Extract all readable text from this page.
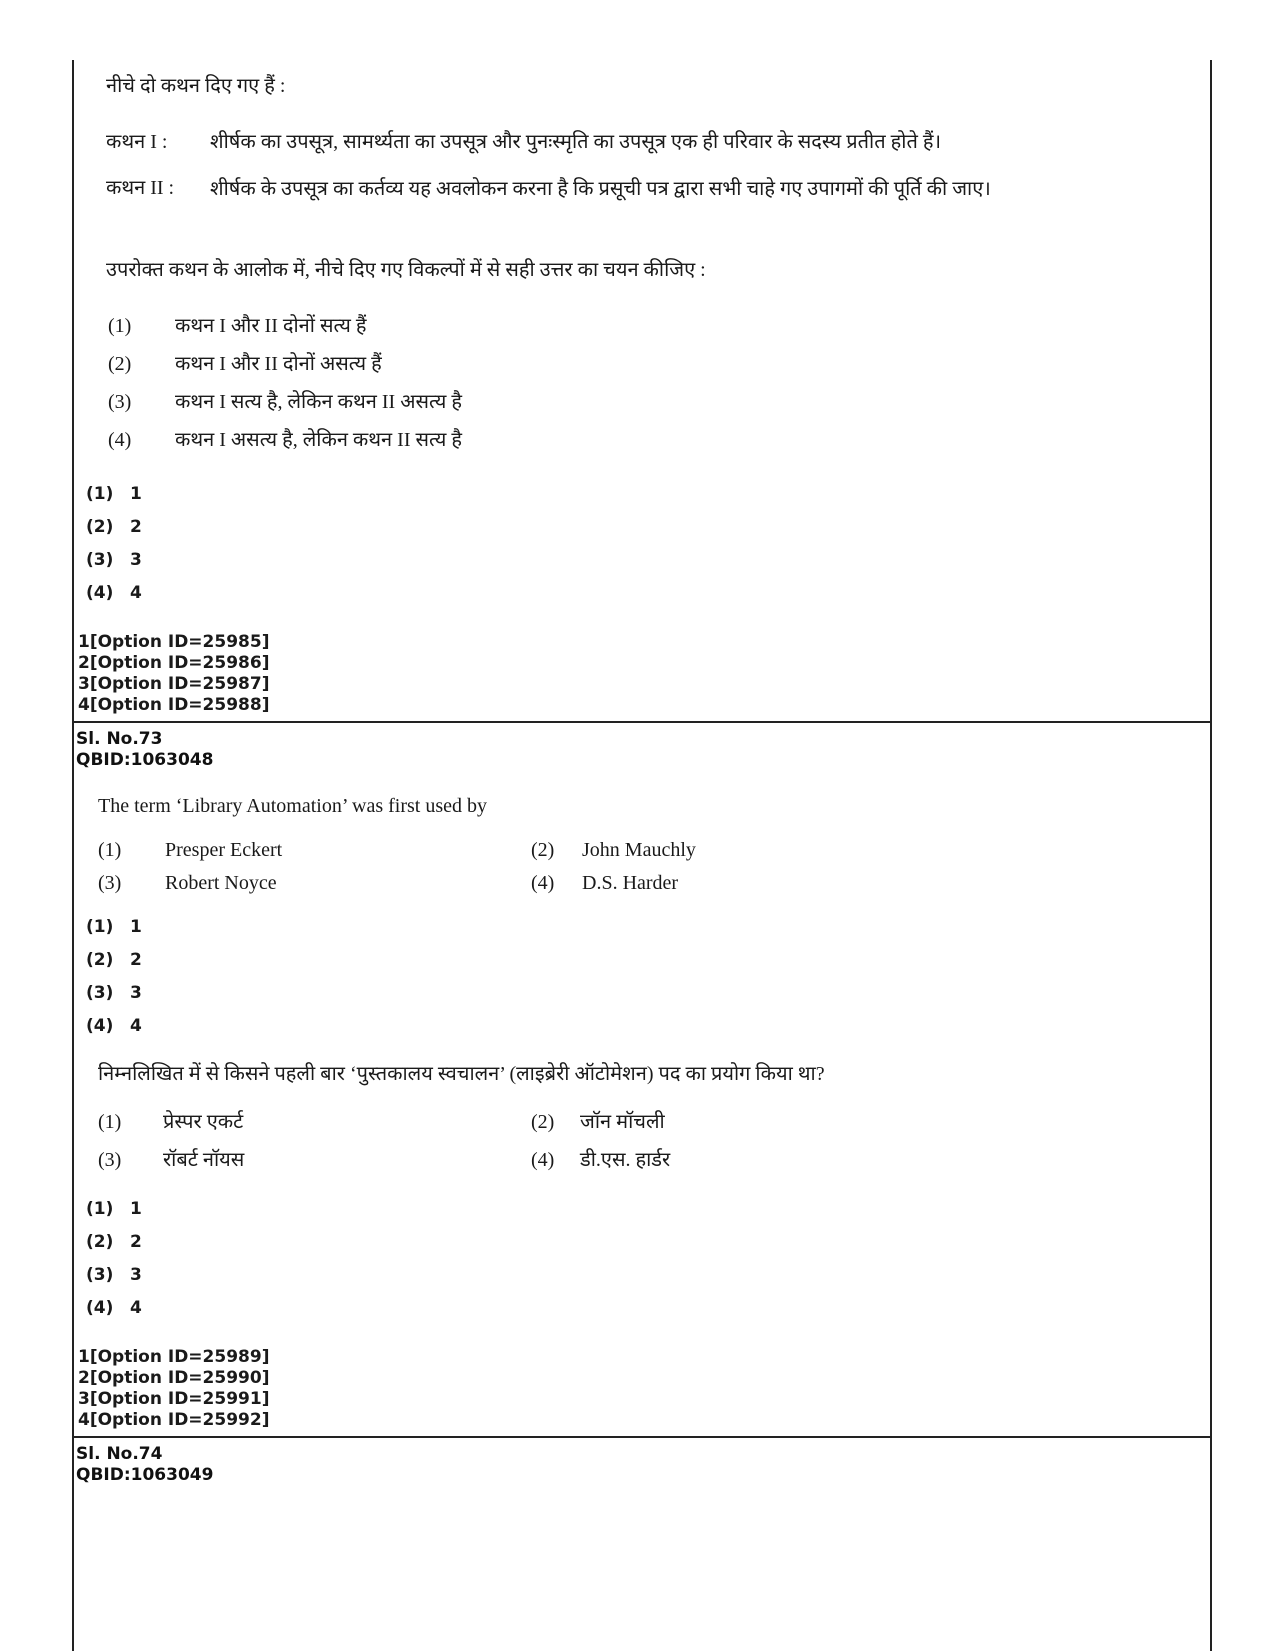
नीचे दो कथन दिए गए हैं :
कथन I : शीर्षक का उपसूत्र, सामर्थ्यता का उपसूत्र और पुनःस्मृति का उपसूत्र एक ही परिवार के सदस्य प्रतीत होते हैं।
कथन II : शीर्षक के उपसूत्र का कर्तव्य यह अवलोकन करना है कि प्रसूची पत्र द्वारा सभी चाहे गए उपागमों की पूर्ति की जाए।
उपरोक्त कथन के आलोक में, नीचे दिए गए विकल्पों में से सही उत्तर का चयन कीजिए :
(1) कथन I और II दोनों सत्य हैं
(2) कथन I और II दोनों असत्य हैं
(3) कथन I सत्य है, लेकिन कथन II असत्य है
(4) कथन I असत्य है, लेकिन कथन II सत्य है
(1) 1
(2) 2
(3) 3
(4) 4
1[Option ID=25985]
2[Option ID=25986]
3[Option ID=25987]
4[Option ID=25988]
Sl. No.73
QBID:1063048
The term ‘Library Automation’ was first used by
(1) Presper Eckert	(2) John Mauchly
(3) Robert Noyce	(4) D.S. Harder
(1) 1
(2) 2
(3) 3
(4) 4
निम्नलिखित में से किसने पहली बार ‘पुस्तकालय स्वचालन’ (लाइब्रेरी ऑटोमेशन) पद का प्रयोग किया था?
(1) प्रेस्पर एकर्ट	(2) जॉन मॉचली
(3) रॉबर्ट नॉयस	(4) डी.एस. हार्डर
(1) 1
(2) 2
(3) 3
(4) 4
1[Option ID=25989]
2[Option ID=25990]
3[Option ID=25991]
4[Option ID=25992]
Sl. No.74
QBID:1063049
